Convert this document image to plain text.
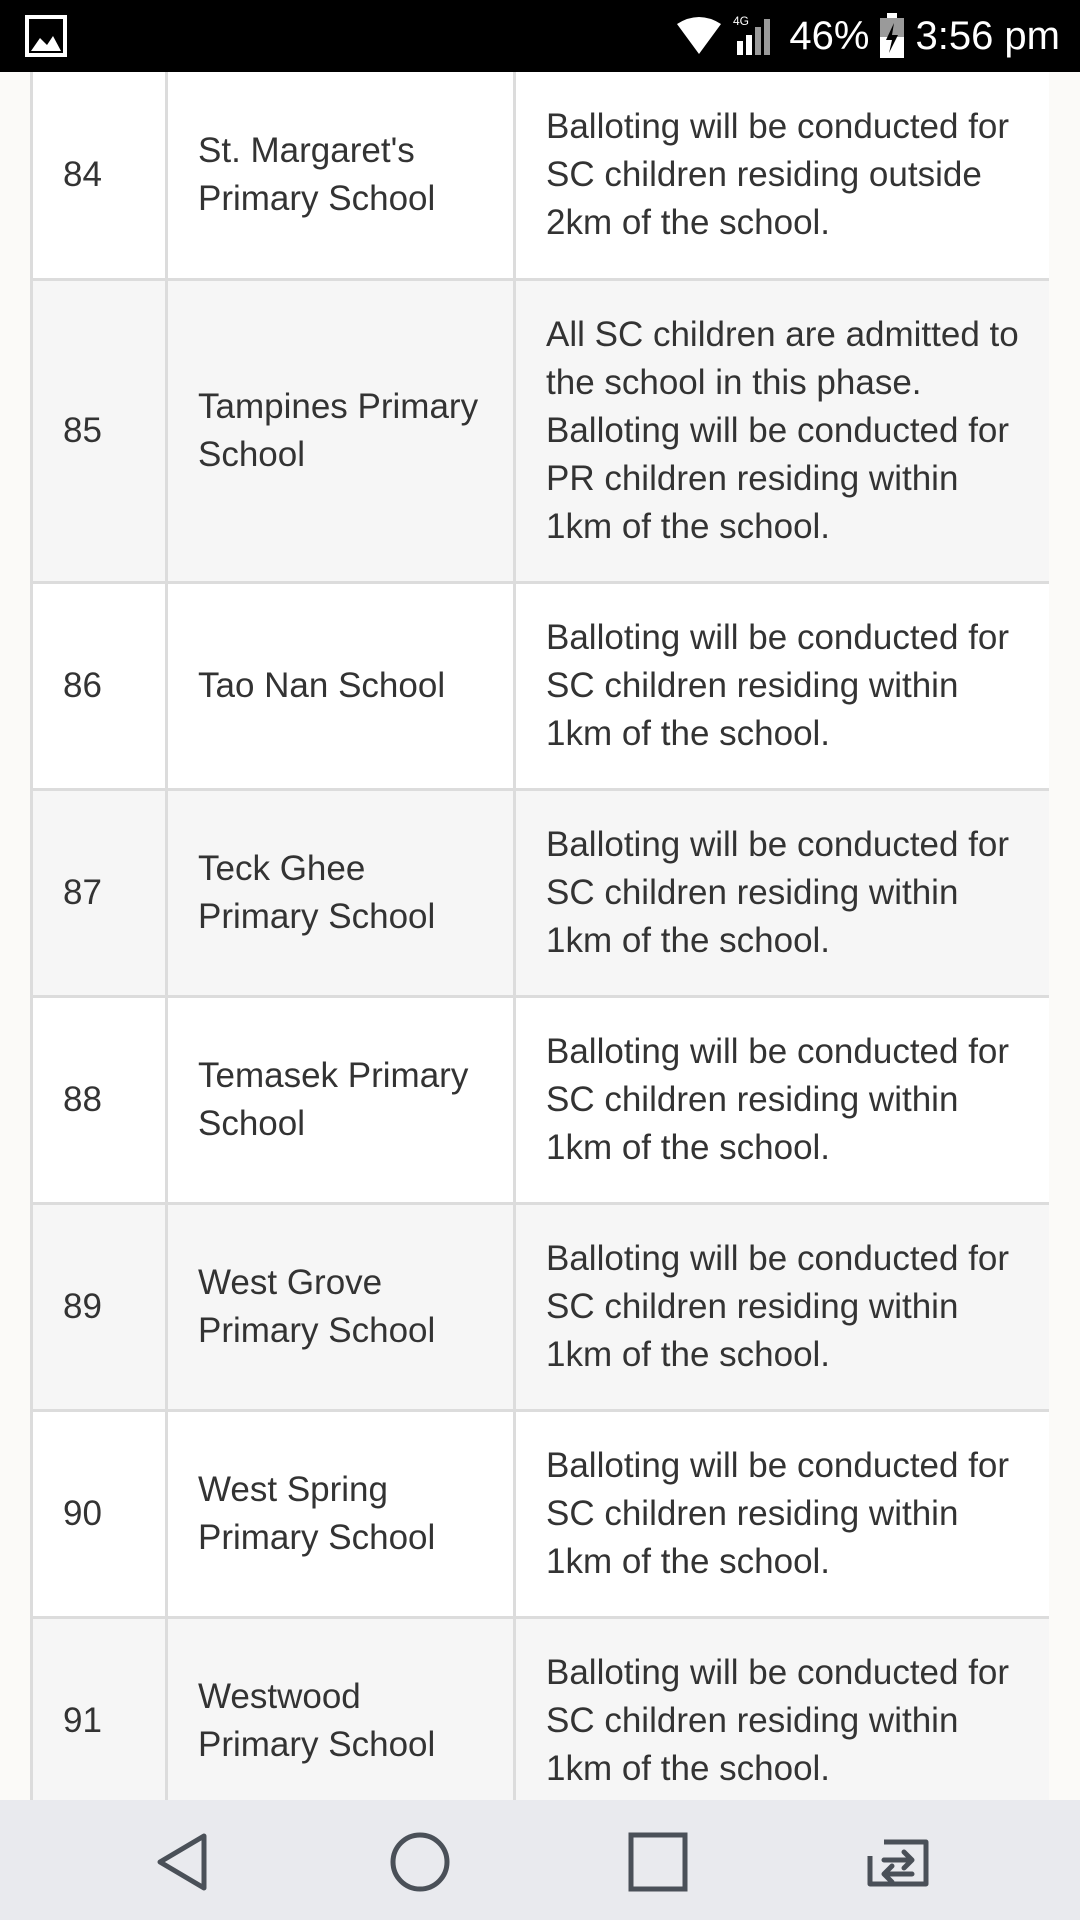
4G 46% 3:56 pm
84	St. Margaret's Primary School	Balloting will be conducted for SC children residing outside 2km of the school.
85	Tampines Primary School	All SC children are admitted to the school in this phase. Balloting will be conducted for PR children residing within 1km of the school.
86	Tao Nan School	Balloting will be conducted for SC children residing within 1km of the school.
87	Teck Ghee Primary School	Balloting will be conducted for SC children residing within 1km of the school.
88	Temasek Primary School	Balloting will be conducted for SC children residing within 1km of the school.
89	West Grove Primary School	Balloting will be conducted for SC children residing within 1km of the school.
90	West Spring Primary School	Balloting will be conducted for SC children residing within 1km of the school.
91	Westwood Primary School	Balloting will be conducted for SC children residing within 1km of the school.
